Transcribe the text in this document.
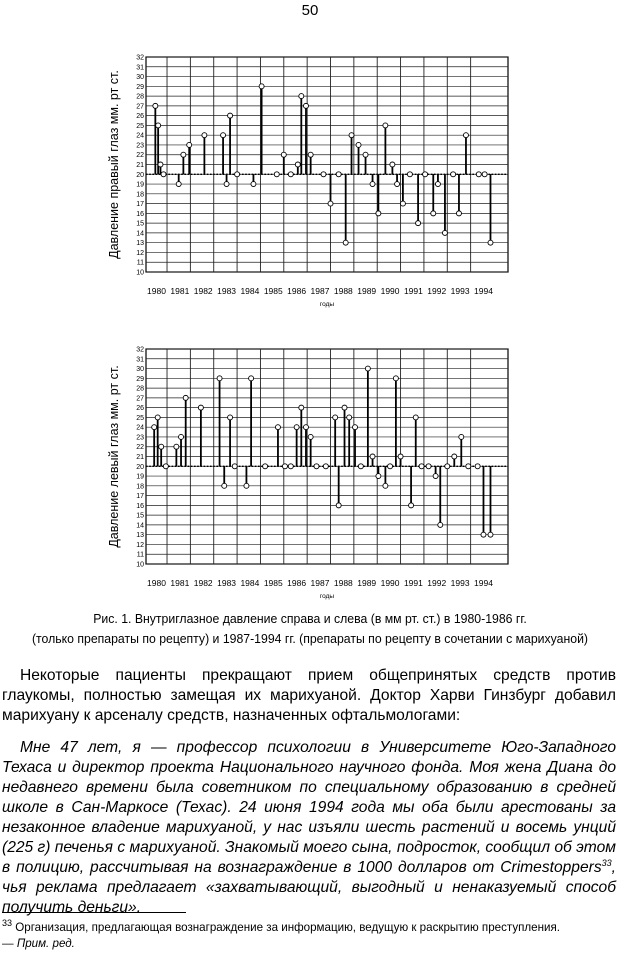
50
10
11
12
13
14
15
16
17
18
19
20
21
22
23
24
25
26
27
28
29
30
31
32
1980 1981 1982 1983 1984 1985 1986 1987 1988 1989 1990 1991 1992 1993 1994
годы
Давление правый глаз мм. рт ст.
10
11
12
13
14
15
16
17
18
19
20
21
22
23
24
25
26
27
28
29
30
31
32
1980 1981 1982 1983 1984 1985 1986 1987 1988 1989 1990 1991 1992 1993 1994
годы
Давление левый глаз мм. рт ст.
Рис. 1. Внутриглазное давление справа и слева (в мм рт. ст.) в 1980-1986 гг.
(только препараты по рецепту) и 1987-1994 гг. (препараты по рецепту в сочетании с марихуаной)

Некоторые пациенты прекращают прием общепринятых средств против глаукомы, полностью замещая их марихуаной. Доктор Харви Гинзбург добавил марихуану к арсеналу средств, назначенных офтальмологами:

Мне 47 лет, я — профессор психологии в Университете Юго-Западного Техаса и директор проекта Национального научного фонда. Моя жена Диана до недавнего времени была советником по специальному образованию в средней школе в Сан-Маркосе (Техас). 24 июня 1994 года мы оба были арестованы за незаконное владение марихуаной, у нас изъяли шесть растений и восемь унций (225 г) печенья с марихуаной. Знакомый моего сына, подросток, сообщил об этом в полицию, рассчитывая на вознаграждение в 1000 долларов от Crimestoppers$^{33}$, чья реклама предлагает «захватывающий, выгодный и ненаказуемый способ получить деньги».

$^{33}$ Организация, предлагающая вознаграждение за информацию, ведущую к раскрытию преступления.
— Прим. ред.
